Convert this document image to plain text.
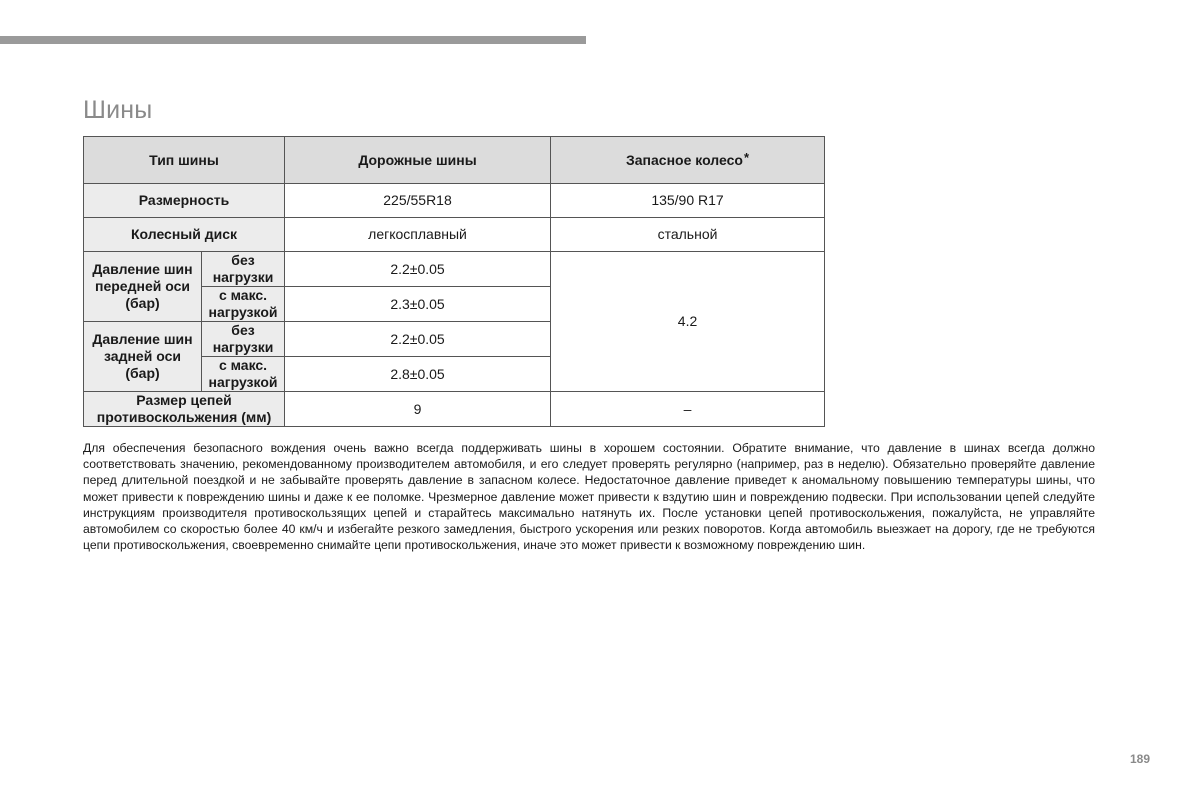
Шины
Тип шины		Дорожные шины	Запасное колесо*
Размерность		225/55R18	135/90 R17
Колесный диск		легкосплавный	стальной
Давление шин передней оси (бар)	без нагрузки	2.2±0.05	4.2
	с макс. нагрузкой	2.3±0.05	
Давление шин задней оси (бар)	без нагрузки	2.2±0.05	
	с макс. нагрузкой	2.8±0.05	
Размер цепей противоскольжения (мм)		9	–

Для обеспечения безопасного вождения очень важно всегда поддерживать шины в хорошем состоянии. Обратите внимание, что давление в шинах всегда должно соответствовать значению, рекомендованному производителем автомобиля, и его следует проверять регулярно (например, раз в неделю). Обязательно проверяйте давление перед длительной поездкой и не забывайте проверять давление в запасном колесе. Недостаточное давление приведет к аномальному повышению температуры шины, что может привести к повреждению шины и даже к ее поломке. Чрезмерное давление может привести к вздутию шин и повреждению подвески. При использовании цепей следуйте инструкциям производителя противоскользящих цепей и старайтесь максимально натянуть их. После установки цепей противоскольжения, пожалуйста, не управляйте автомобилем со скоростью более 40 км/ч и избегайте резкого замедления, быстрого ускорения или резких поворотов. Когда автомобиль выезжает на дорогу, где не требуются цепи противоскольжения, своевременно снимайте цепи противоскольжения, иначе это может привести к возможному повреждению шин.

189
